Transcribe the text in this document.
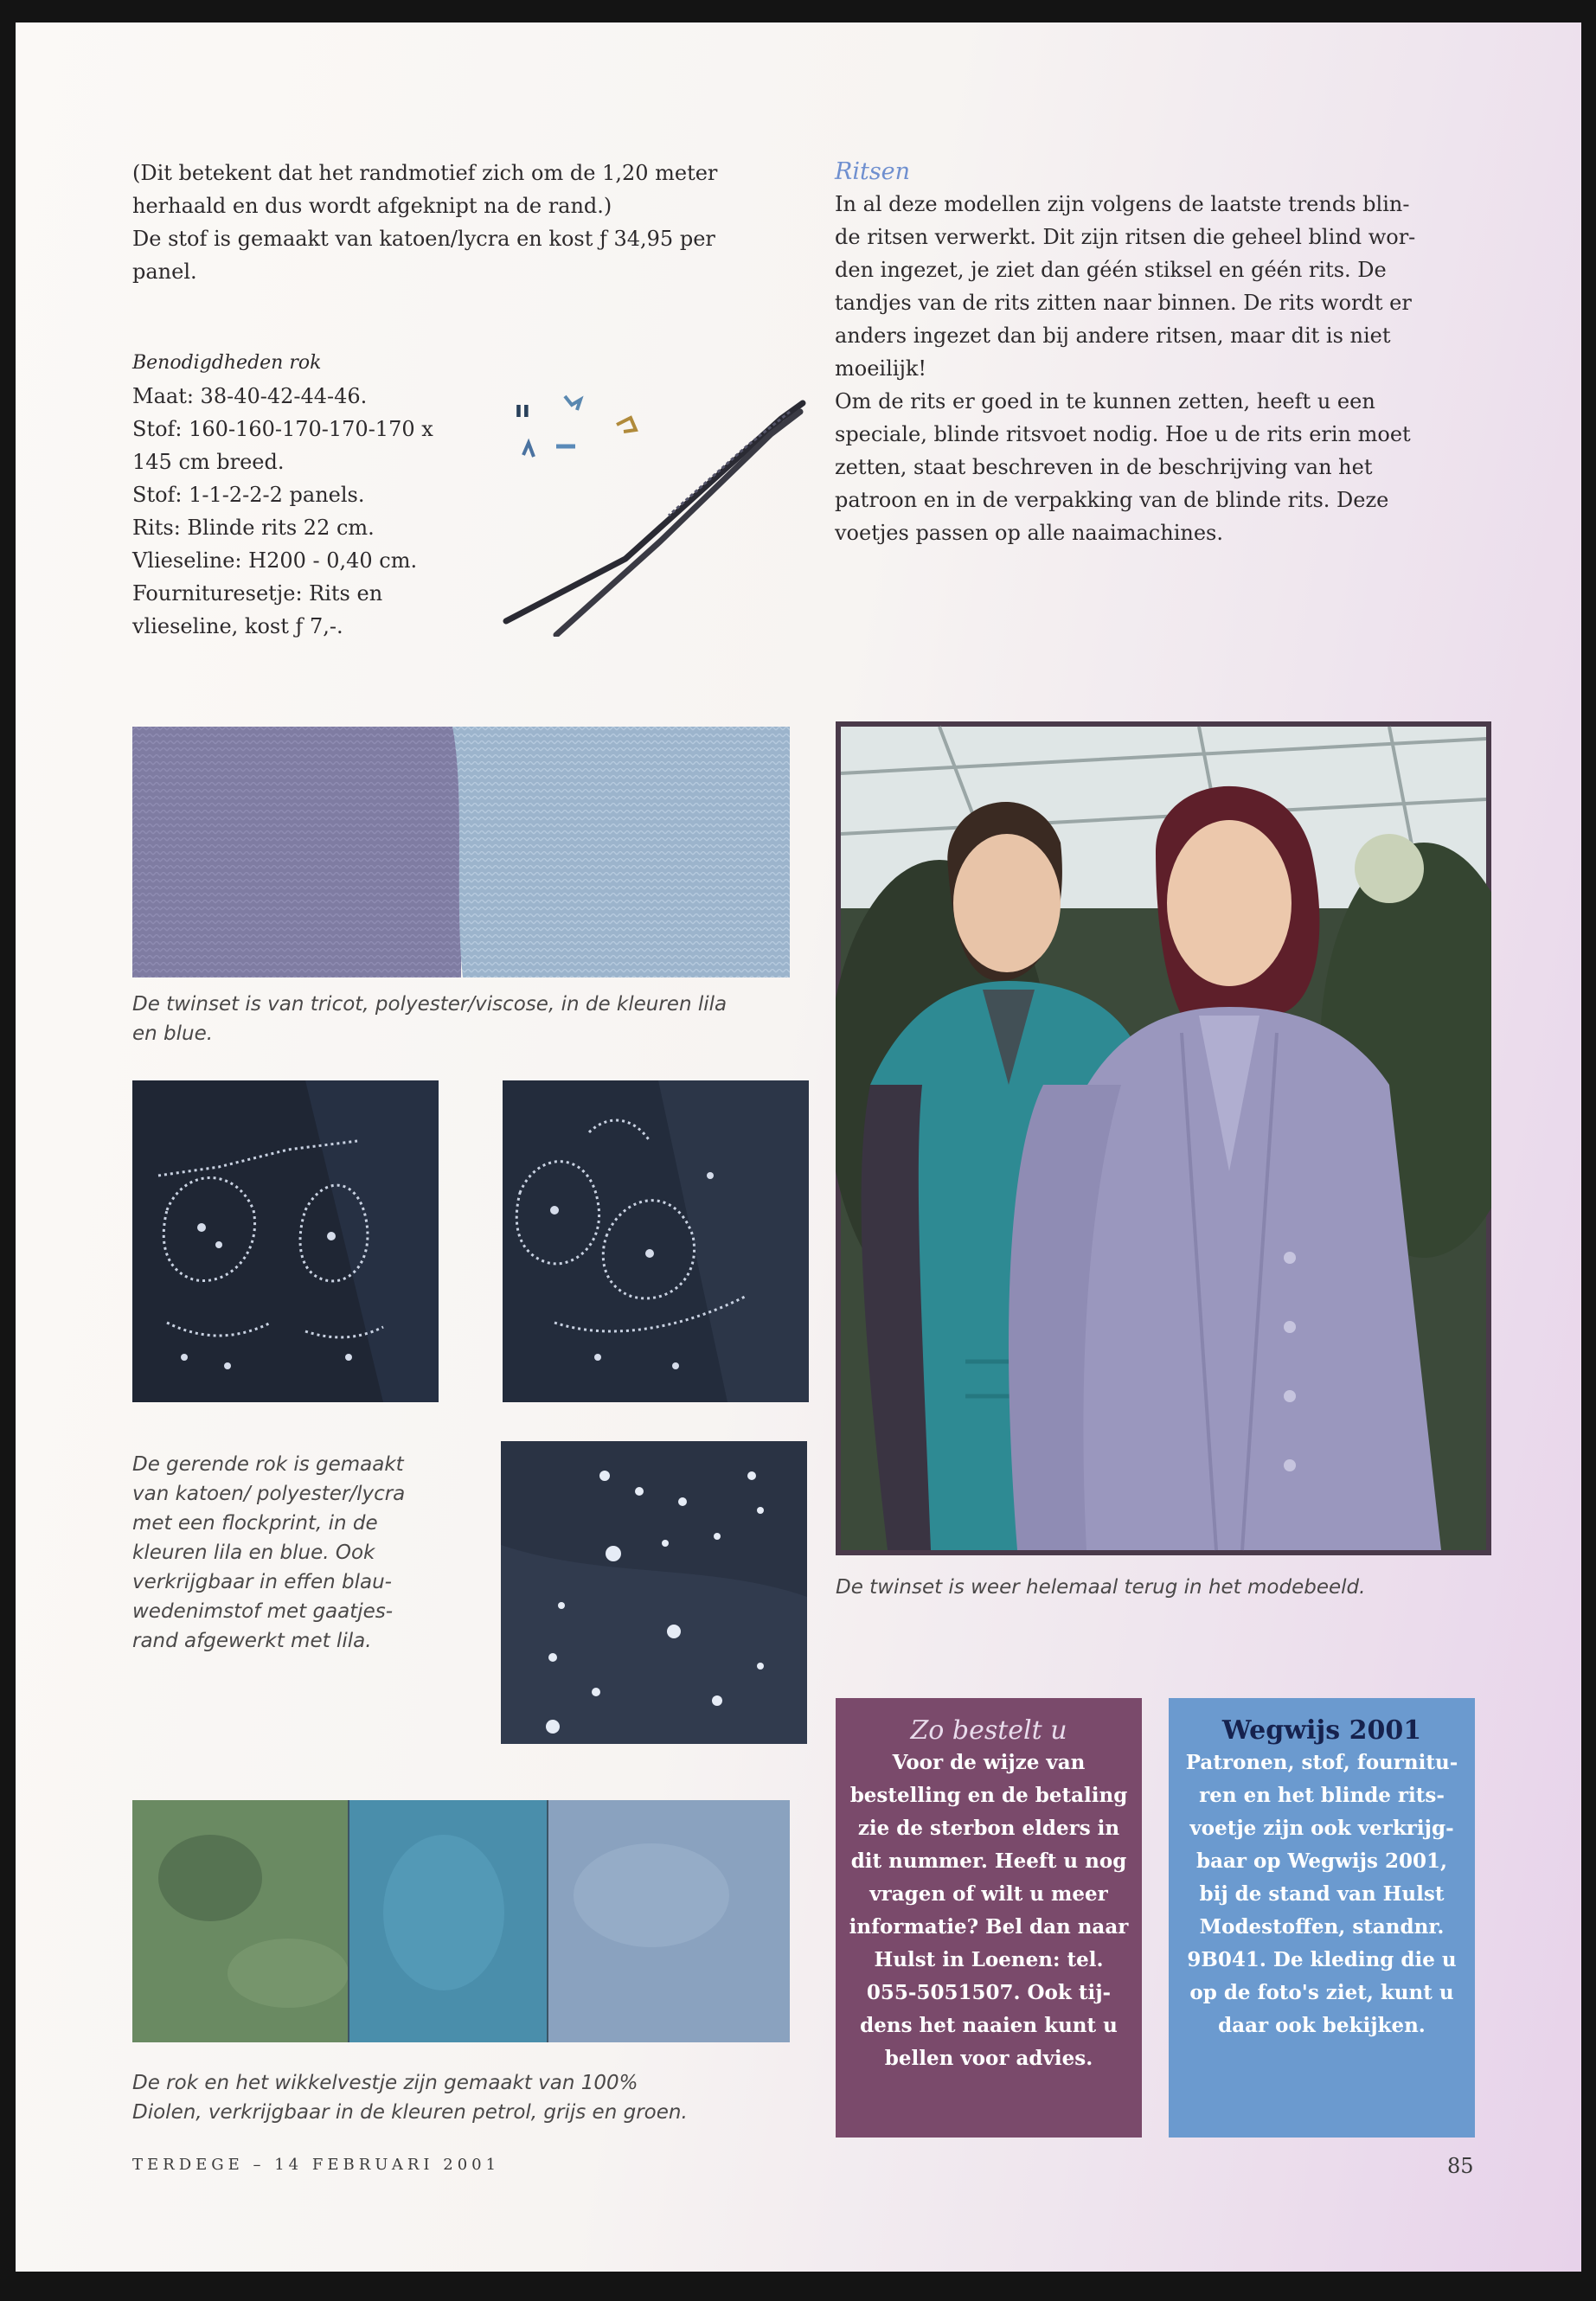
(Dit betekent dat het randmotief zich om de 1,20 meter

herhaald en dus wordt afgeknipt na de rand.)

De stof is gemaakt van katoen/lycra en kost ƒ 34,95 per

panel.

Benodigdheden rok
Maat: 38-40-42-44-46.
Stof: 160-160-170-170-170 x
145 cm breed.
Stof: 1-1-2-2-2 panels.
Rits: Blinde rits 22 cm.
Vlieseline: H200 - 0,40 cm.
Fournituresetje: Rits en
vlieseline, kost ƒ 7,-.
ıı
Ritsen

In al deze modellen zijn volgens de laatste trends blin-

de ritsen verwerkt. Dit zijn ritsen die geheel blind wor-

den ingezet, je ziet dan géén stiksel en géén rits. De

tandjes van de rits zitten naar binnen. De rits wordt er

anders ingezet dan bij andere ritsen, maar dit is niet

moeilijk!

Om de rits er goed in te kunnen zetten, heeft u een

speciale, blinde ritsvoet nodig. Hoe u de rits erin moet

zetten, staat beschreven in de beschrijving van het

patroon en in de verpakking van de blinde rits. Deze

voetjes passen op alle naaimachines.

De twinset is van tricot, polyester/viscose, in de kleuren lila
en blue.
De gerende rok is gemaakt
van katoen/ polyester/lycra
met een flockprint, in de
kleuren lila en blue. Ook
verkrijgbaar in effen blau-
wedenimstof met gaatjes-
rand afgewerkt met lila.
De rok en het wikkelvestje zijn gemaakt van 100%
Diolen, verkrijgbaar in de kleuren petrol, grijs en groen.
De twinset is weer helemaal terug in het modebeeld.
Zo bestelt u
Voor de wijze van
bestelling en de betaling
zie de sterbon elders in
dit nummer. Heeft u nog
vragen of wilt u meer
informatie? Bel dan naar
Hulst in Loenen: tel.
055-5051507. Ook tij-
dens het naaien kunt u
bellen voor advies.
Wegwijs 2001
Patronen, stof, fournitu-
ren en het blinde rits-
voetje zijn ook verkrijg-
baar op Wegwijs 2001,
bij de stand van Hulst
Modestoffen, standnr.
9B041. De kleding die u
op de foto's ziet, kunt u
daar ook bekijken.
TERDEGE – 14 FEBRUARI 2001	85
